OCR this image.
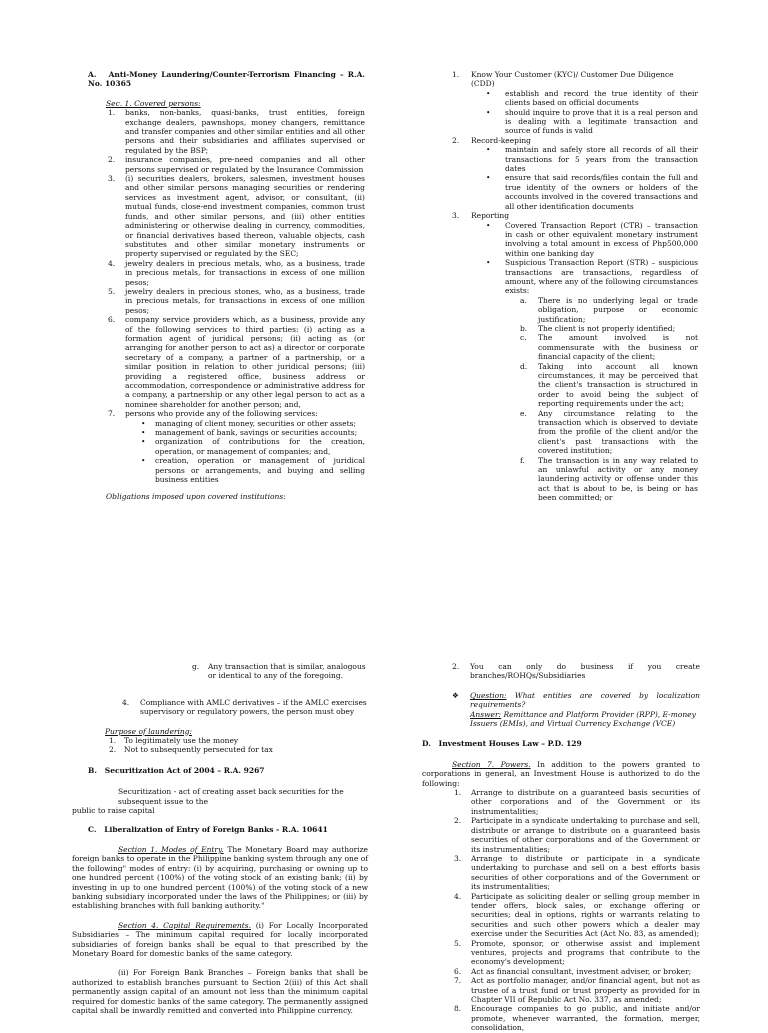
A.   Anti-Money Laundering/Counter-Terrorism Financing – R.A. No. 10365

Sec. 1. Covered persons:

1. banks, non-banks, quasi-banks, trust entities, foreign exchange dealers, pawnshops, money changers, remittance and transfer companies and other similar entities and all other persons and their subsidiaries and affiliates supervised or regulated by the BSP;

2. insurance companies, pre-need companies and all other persons supervised or regulated by the Insurance Commission

3. (i) securities dealers, brokers, salesmen, investment houses and other similar persons managing securities or rendering services as investment agent, advisor, or consultant, (ii) mutual funds, close-end investment companies, common trust funds, and other similar persons, and (iii) other entities administering or otherwise dealing in currency, commodities, or financial derivatives based thereon, valuable objects, cash substitutes and other similar monetary instruments or property supervised or regulated by the SEC;

4. jewelry dealers in precious metals, who, as a business, trade in precious metals, for transactions in excess of one million pesos;

5. jewelry dealers in precious stones, who, as a business, trade in precious metals, for transactions in excess of one million pesos;

6. company service providers which, as a business, provide any of the following services to third parties: (i) acting as a formation agent of juridical persons; (ii) acting as (or arranging for another person to act as) a director or corporate secretary of a company, a partner of a partnership, or a similar position in relation to other juridical persons; (iii) providing a registered office, business address or accommodation, correspondence or administrative address for a company, a partnership or any other legal person to act as a nominee shareholder for another person; and,

7. persons who provide any of the following services:

• managing of client money, securities or other assets;

• management of bank, savings or securities accounts;

• organization of contributions for the creation, operation, or management of companies; and,

• creation, operation or management of juridical persons or arrangements, and buying and selling business entities

Obligations imposed upon covered institutions:

1. Know Your Customer (KYC)/ Customer Due Diligence (CDD)

• establish and record the true identity of their clients based on official documents

• should inquire to prove that it is a real person and is dealing with a legitimate transaction and source of funds is valid

2. Record-keeping

• maintain and safely store all records of all their transactions for 5 years from the transaction dates

• ensure that said records/files contain the full and true identity of the owners or holders of the accounts involved in the covered transactions and all other identification documents

3. Reporting

• Covered Transaction Report (CTR) – transaction in cash or other equivalent monetary instrument involving a total amount in excess of Php500,000 within one banking day

• Suspicious Transaction Report (STR) – suspicious transactions are transactions, regardless of amount, where any of the following circumstances exists:

a. There is no underlying legal or trade obligation, purpose or economic justification;

b. The client is not properly identified;

c. The amount involved is not commensurate with the business or financial capacity of the client;

d. Taking into account all known circumstances, it may be perceived that the client's transaction is structured in order to avoid being the subject of reporting requirements under the act;

e. Any circumstance relating to the transaction which is observed to deviate from the profile of the client and/or the client's past transactions with the covered institution;

f. The transaction is in any way related to an unlawful activity or any money laundering activity or offense under this act that is about to be, is being or has been committed; or

g. Any transaction that is similar, analogous or identical to any of the foregoing.

4. Compliance with AMLC derivatives – if the AMLC exercises supervisory or regulatory powers, the person must obey

Purpose of laundering:

1. To legitimately use the money

2. Not to subsequently persecuted for tax

B.   Securitization Act of 2004 – R.A. 9267

Securitization - act of creating asset back securities for the subsequent issue to the

public to raise capital

C.   Liberalization of Entry of Foreign Banks - R.A. 10641

Section 1. Modes of Entry. The Monetary Board may authorize foreign banks to operate in the Philippine banking system through any one of the following" modes of entry: (i) by acquiring, purchasing or owning up to one hundred percent (100%) of the voting stock of an existing bank; (ii) by investing in up to one hundred percent (100%) of the voting stock of a new banking subsidiary incorporated under the laws of the Philippines; or (iii) by establishing branches with full banking authority."

Section 4. Capital Requirements. (i) For Locally Incorporated Subsidiaries – The minimum capital required for locally incorporated subsidiaries of foreign banks shall be equal to that prescribed by the Monetary Board for domestic banks of the same category.

(ii) For Foreign Bank Branches – Foreign banks that shall be authorized to establish branches pursuant to Section 2(iii) of this Act shall permanently assign capital of an amount not less than the minimum capital required for domestic banks of the same category. The permanently assigned capital shall be inwardly remitted and converted into Philippine currency.

2. You can only do business if you create branches/ROHQs/Subsidiaries

❖ Question: What entities are covered by localization requirements?

Answer: Remittance and Platform Provider (RPP), E-money Issuers (EMIs), and Virtual Currency Exchange (VCE)

D.   Investment Houses Law – P.D. 129

Section 7. Powers. In addition to the powers granted to corporations in general, an Investment House is authorized to do the following:

1. Arrange to distribute on a guaranteed basis securities of other corporations and of the Government or its instrumentalities;

2. Participate in a syndicate undertaking to purchase and sell, distribute or arrange to distribute on a guaranteed basis securities of other corporations and of the Government or its instrumentalities;

3. Arrange to distribute or participate in a syndicate undertaking to purchase and sell on a best efforts basis securities of other corporations and of the Government or its instrumentalities;

4. Participate as soliciting dealer or selling group member in tender offers, block sales, or exchange offering or securities; deal in options, rights or warrants relating to securities and such other powers which a dealer may exercise under the Securities Act (Act No. 83, as amended);

5. Promote, sponsor, or otherwise assist and implement ventures, projects and programs that contribute to the economy's development;

6. Act as financial consultant, investment adviser, or broker;

7. Act as portfolio manager, and/or financial agent, but not as trustee of a trust fund or trust property as provided for in Chapter VII of Republic Act No. 337, as amended;

8. Encourage companies to go public, and initiate and/or promote, whenever warranted, the formation, merger, consolidation,
